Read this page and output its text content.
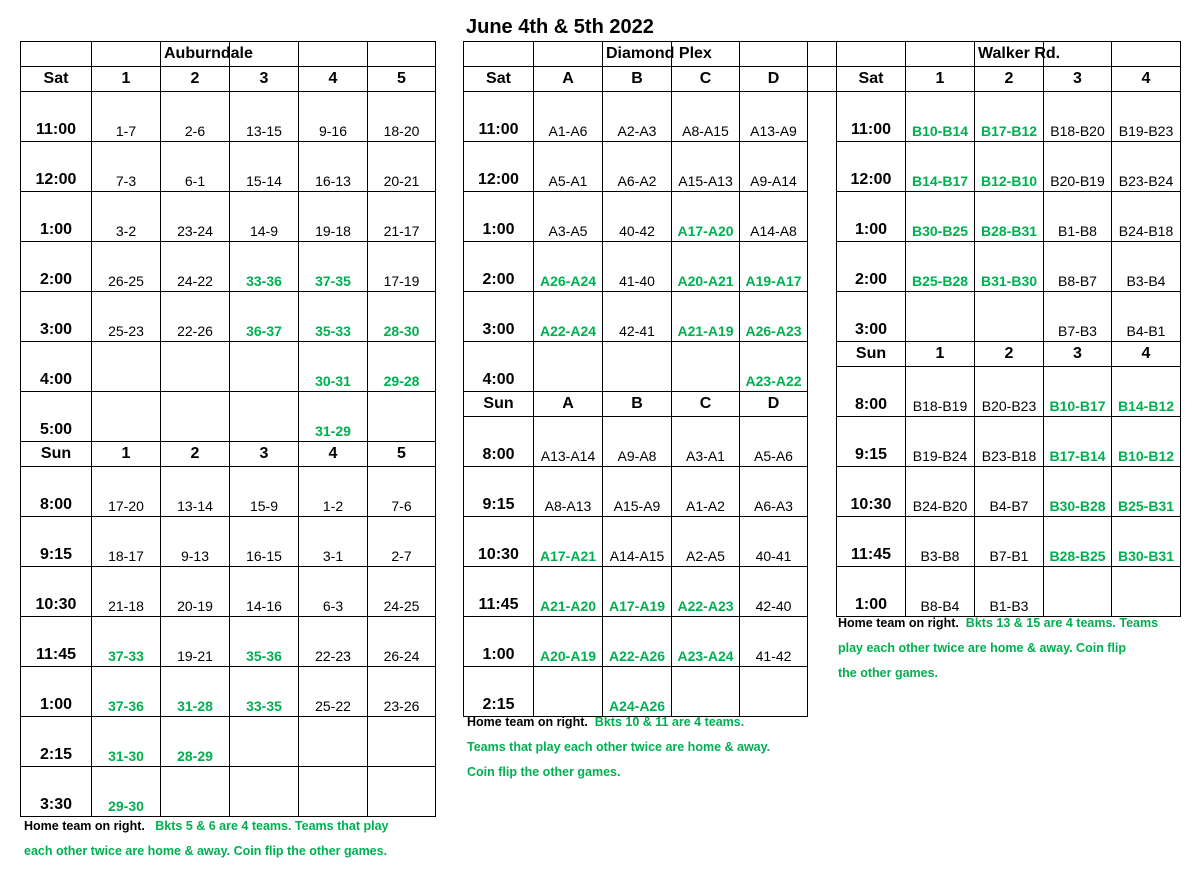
June 4th & 5th 2022
		Auburndale			
Sat	1	2	3	4	5
11:00	1-7	2-6	13-15	9-16	18-20
12:00	7-3	6-1	15-14	16-13	20-21
1:00	3-2	23-24	14-9	19-18	21-17
2:00	26-25	24-22	33-36	37-35	17-19
3:00	25-23	22-26	36-37	35-33	28-30
4:00				30-31	29-28
5:00				31-29	
Sun	1	2	3	4	5
8:00	17-20	13-14	15-9	1-2	7-6
9:15	18-17	9-13	16-15	3-1	2-7
10:30	21-18	20-19	14-16	6-3	24-25
11:45	37-33	19-21	35-36	22-23	26-24
1:00	37-36	31-28	33-35	25-22	23-26
2:15	31-30	28-29			
3:30	29-30				
		Diamond Plex		
Sat	A	B	C	D
11:00	A1-A6	A2-A3	A8-A15	A13-A9
12:00	A5-A1	A6-A2	A15-A13	A9-A14
1:00	A3-A5	40-42	A17-A20	A14-A8
2:00	A26-A24	41-40	A20-A21	A19-A17
3:00	A22-A24	42-41	A21-A19	A26-A23
4:00				A23-A22
Sun	A	B	C	D
8:00	A13-A14	A9-A8	A3-A1	A5-A6
9:15	A8-A13	A15-A9	A1-A2	A6-A3
10:30	A17-A21	A14-A15	A2-A5	40-41
11:45	A21-A20	A17-A19	A22-A23	42-40
1:00	A20-A19	A22-A26	A23-A24	41-42
2:15		A24-A26		

		Walker Rd.		
Sat	1	2	3	4
11:00	B10-B14	B17-B12	B18-B20	B19-B23
12:00	B14-B17	B12-B10	B20-B19	B23-B24
1:00	B30-B25	B28-B31	B1-B8	B24-B18
2:00	B25-B28	B31-B30	B8-B7	B3-B4
3:00			B7-B3	B4-B1
Sun	1	2	3	4
8:00	B18-B19	B20-B23	B10-B17	B14-B12
9:15	B19-B24	B23-B18	B17-B14	B10-B12
10:30	B24-B20	B4-B7	B30-B28	B25-B31
11:45	B3-B8	B7-B1	B28-B25	B30-B31
1:00	B8-B4	B1-B3		
Home team on right. Bkts 5 & 6 are 4 teams. Teams that play
each other twice are home & away. Coin flip the other games.
Home team on right. Bkts 10 & 11 are 4 teams.
Teams that play each other twice are home & away.
Coin flip the other games.
Home team on right. Bkts 13 & 15 are 4 teams. Teams
play each other twice are home & away. Coin flip
the other games.
